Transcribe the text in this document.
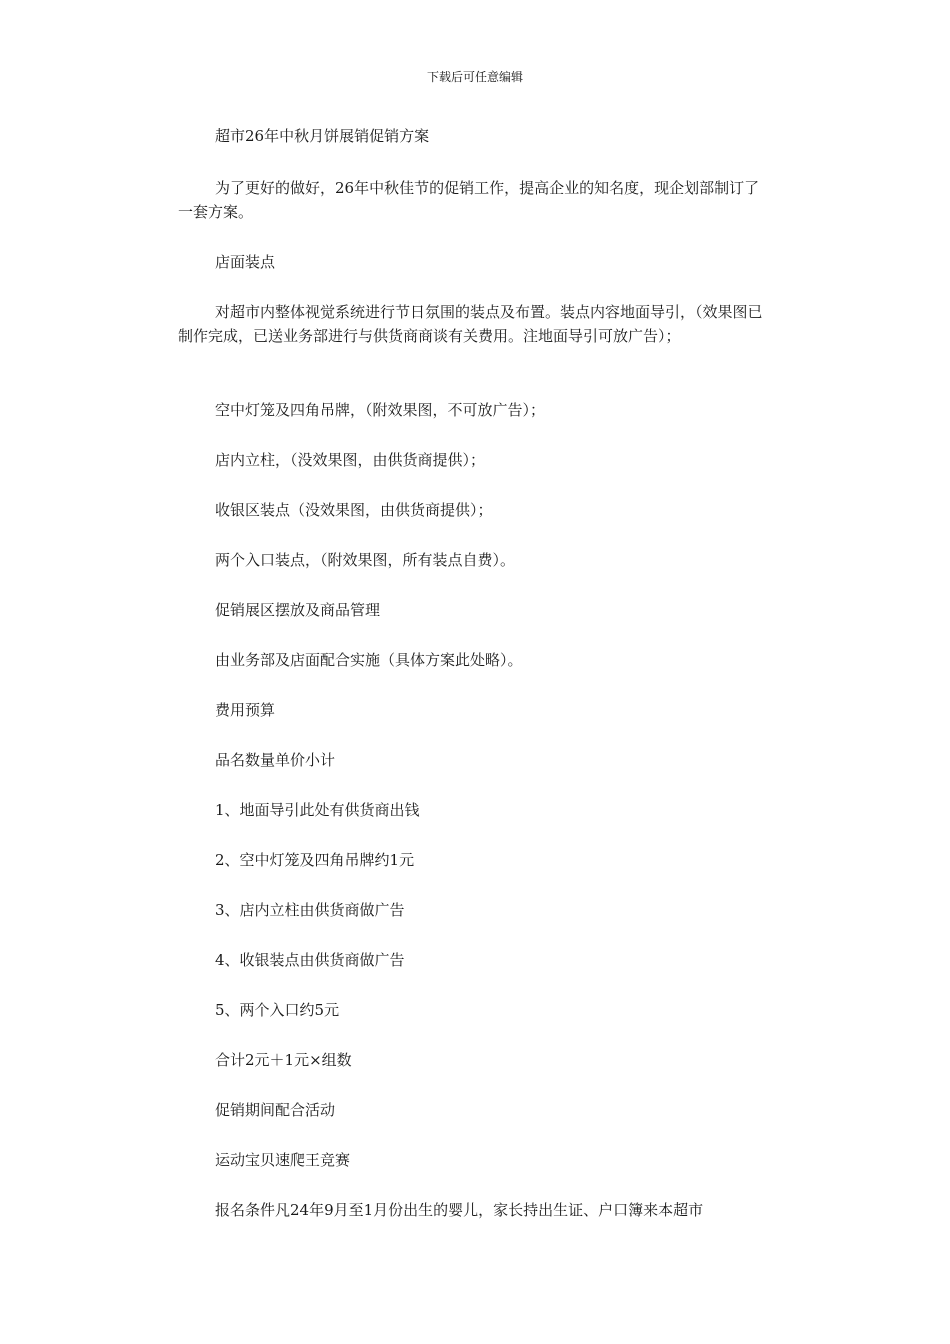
下载后可任意编辑

超市26年中秋月饼展销促销方案

为了更好的做好，26年中秋佳节的促销工作，提高企业的知名度，现企划部制订了一套方案。

店面装点

对超市内整体视觉系统进行节日氛围的装点及布置。装点内容地面导引，（效果图已制作完成，已送业务部进行与供货商商谈有关费用。注地面导引可放广告）；

空中灯笼及四角吊牌，（附效果图，不可放广告）；

店内立柱，（没效果图，由供货商提供）；

收银区装点（没效果图，由供货商提供）；

两个入口装点，（附效果图，所有装点自费）。

促销展区摆放及商品管理

由业务部及店面配合实施（具体方案此处略）。

费用预算

品名数量单价小计

1、地面导引此处有供货商出钱

2、空中灯笼及四角吊牌约1元

3、店内立柱由供货商做广告

4、收银装点由供货商做广告

5、两个入口约5元

合计2元＋1元×组数

促销期间配合活动

运动宝贝速爬王竞赛

报名条件凡24年9月至1月份出生的婴儿，家长持出生证、户口簿来本超市
